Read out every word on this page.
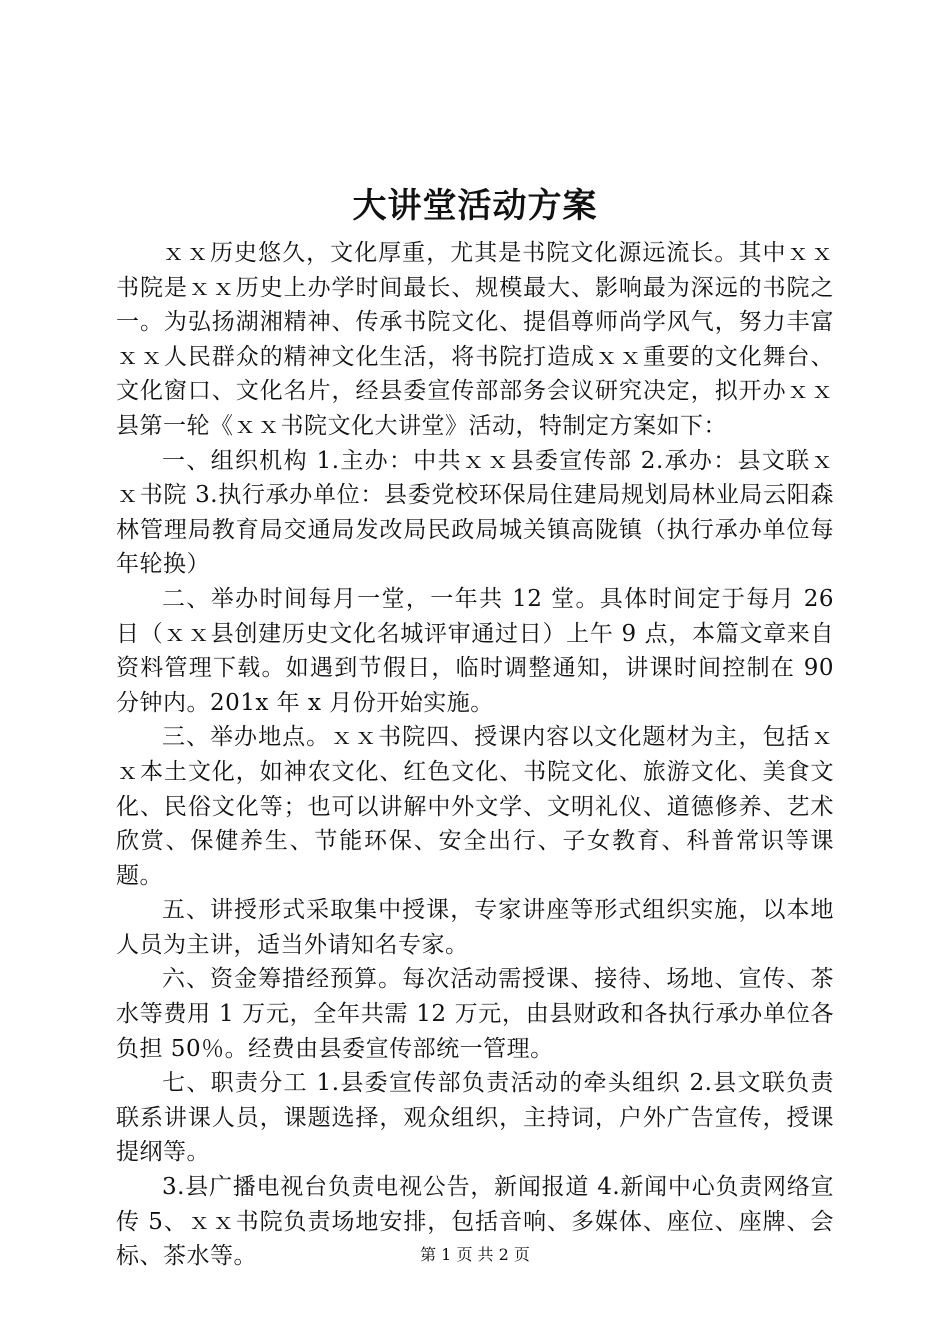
大讲堂活动方案

ｘｘ历史悠久，文化厚重，尤其是书院文化源远流长。其中ｘｘ书院是ｘｘ历史上办学时间最长、规模最大、影响最为深远的书院之一。为弘扬湖湘精神、传承书院文化、提倡尊师尚学风气，努力丰富ｘｘ人民群众的精神文化生活，将书院打造成ｘｘ重要的文化舞台、文化窗口、文化名片，经县委宣传部部务会议研究决定，拟开办ｘｘ县第一轮《ｘｘ书院文化大讲堂》活动，特制定方案如下：

一、组织机构 1.主办：中共ｘｘ县委宣传部 2.承办：县文联ｘｘ书院 3.执行承办单位：县委党校环保局住建局规划局林业局云阳森林管理局教育局交通局发改局民政局城关镇高陇镇（执行承办单位每年轮换）

二、举办时间每月一堂，一年共 12 堂。具体时间定于每月 26 日（ｘｘ县创建历史文化名城评审通过日）上午 9 点，本篇文章来自资料管理下载。如遇到节假日，临时调整通知，讲课时间控制在 90 分钟内。201x 年 x 月份开始实施。

三、举办地点。ｘｘ书院四、授课内容以文化题材为主，包括ｘｘ本土文化，如神农文化、红色文化、书院文化、旅游文化、美食文化、民俗文化等；也可以讲解中外文学、文明礼仪、道德修养、艺术欣赏、保健养生、节能环保、安全出行、子女教育、科普常识等课题。

五、讲授形式采取集中授课，专家讲座等形式组织实施，以本地人员为主讲，适当外请知名专家。

六、资金筹措经预算。每次活动需授课、接待、场地、宣传、茶水等费用 1 万元，全年共需 12 万元，由县财政和各执行承办单位各负担 50％。经费由县委宣传部统一管理。

七、职责分工 1.县委宣传部负责活动的牵头组织 2.县文联负责联系讲课人员，课题选择，观众组织，主持词，户外广告宣传，授课提纲等。

3.县广播电视台负责电视公告，新闻报道 4.新闻中心负责网络宣传 5、ｘｘ书院负责场地安排，包括音响、多媒体、座位、座牌、会标、茶水等。	第 1 页 共 2 页
